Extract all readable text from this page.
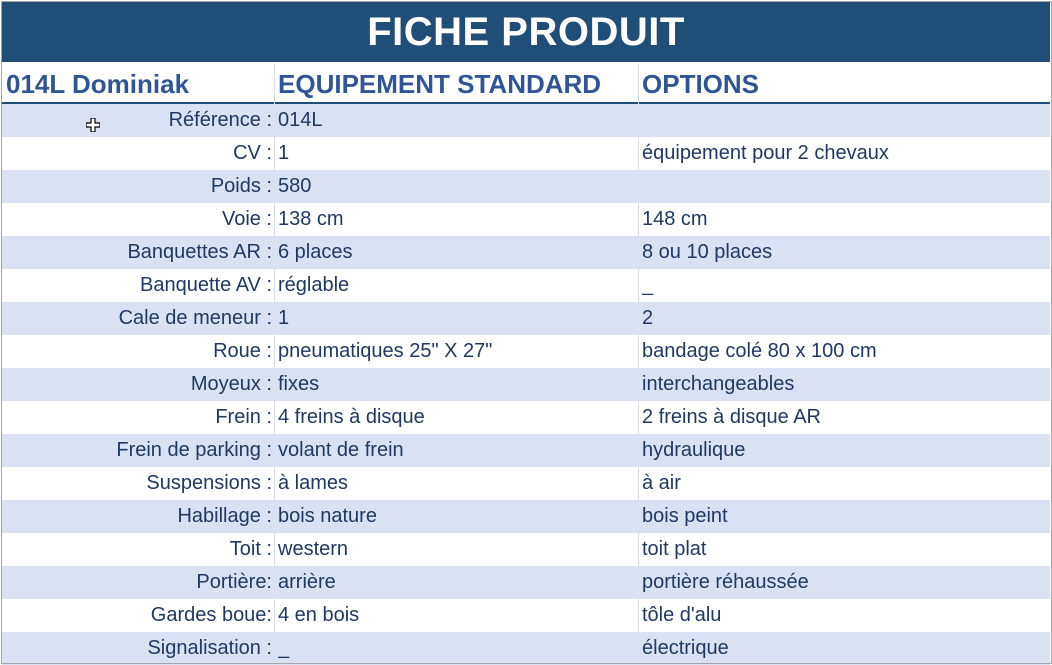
FICHE PRODUIT
014L Dominiak	EQUIPEMENT STANDARD	OPTIONS
Référence : 014L
CV : 1	équipement pour 2 chevaux
Poids : 580
Voie : 138 cm	148 cm
Banquettes AR : 6 places	8 ou 10 places
Banquette AV : réglable	_
Cale de meneur : 1	2
Roue : pneumatiques 25" X 27"	bandage colé 80 x 100 cm
Moyeux : fixes	interchangeables
Frein : 4 freins à disque	2 freins à disque AR
Frein de parking : volant de frein	hydraulique
Suspensions : à lames	à air
Habillage : bois nature	bois peint
Toit : western	toit plat
Portière: arrière	portière réhaussée
Gardes boue: 4 en bois	tôle d'alu
Signalisation : _	électrique
